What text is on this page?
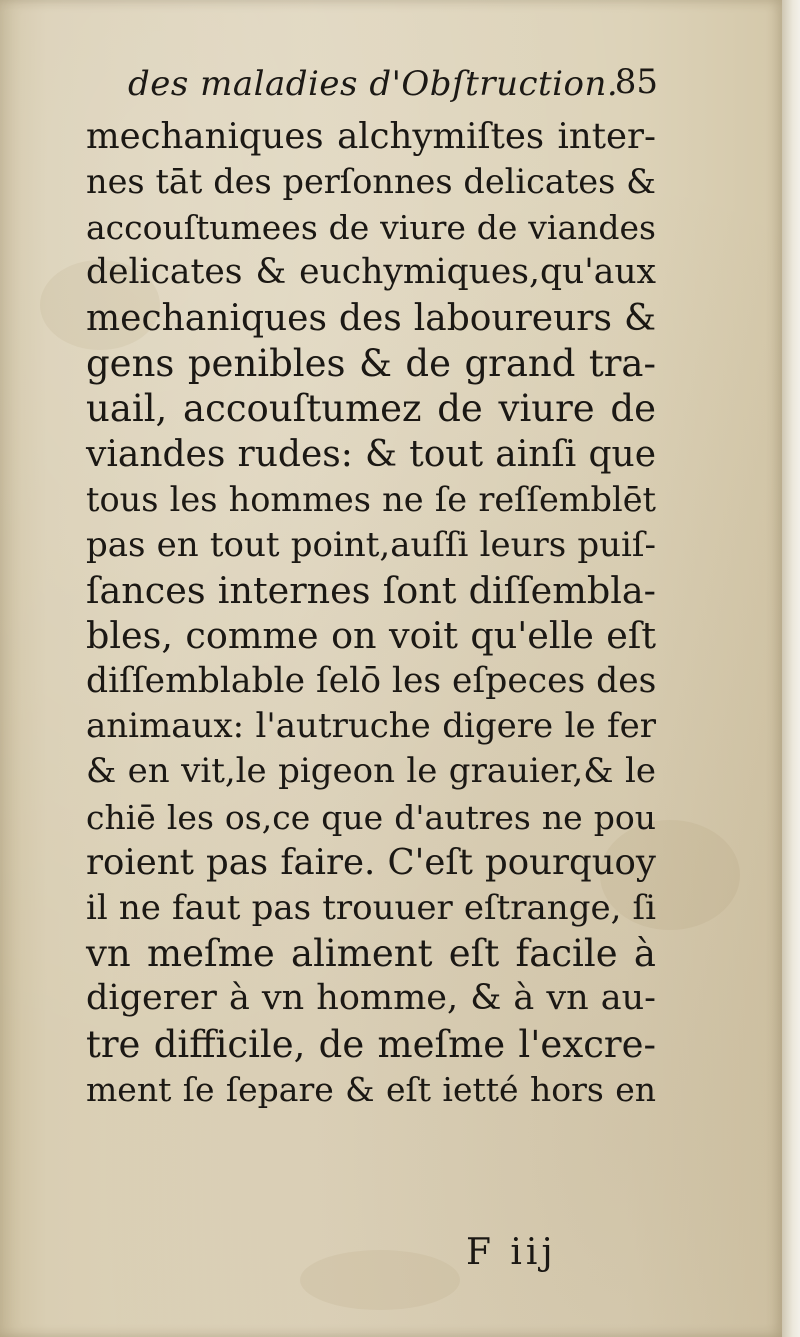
des maladies d'Obſtruction.
85
mechaniques alchymiſtes inter-
nes tāt des perſonnes delicates &
accouſtumees de viure de viandes
delicates & euchymiques,qu'aux
mechaniques des laboureurs &
gens penibles & de grand tra-
uail, accouſtumez de viure de
viandes rudes: & tout ainſi que
tous les hommes ne ſe reſſemblēt
pas en tout point,auſſi leurs puiſ-
ſances internes ſont diſſembla-
bles, comme on voit qu'elle eſt
diſſemblable ſelō les eſpeces des
animaux: l'autruche digere le fer
& en vit,le pigeon le grauier,& le
chiē les os,ce que d'autres ne pou
roient pas faire. C'eſt pourquoy
il ne faut pas trouuer eſtrange, ſi
vn meſme aliment eſt facile à
digerer à vn homme, & à vn au-
tre difficile, de meſme l'excre-
ment ſe ſepare & eſt ietté hors en
F iij
